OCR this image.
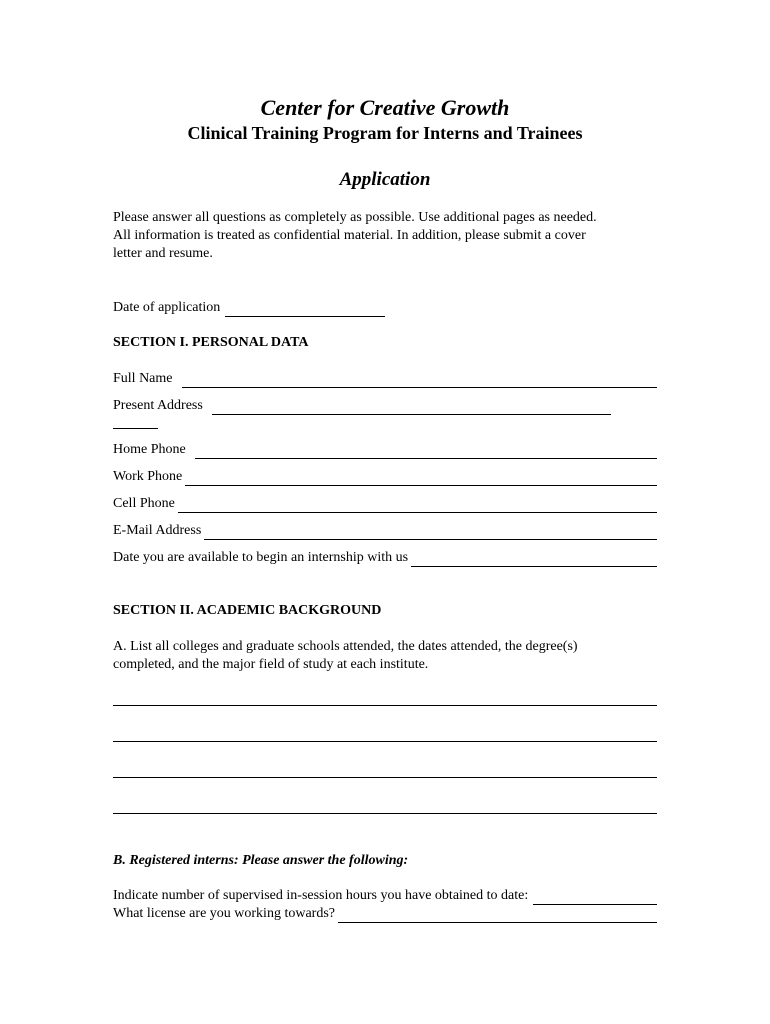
Center for Creative Growth
Clinical Training Program for Interns and Trainees
Application
Please answer all questions as completely as possible. Use additional pages as needed.
All information is treated as confidential material. In addition, please submit a cover
letter and resume.
Date of application
SECTION I. PERSONAL DATA
Full Name
Present Address
Home Phone
Work Phone
Cell Phone
E-Mail Address
Date you are available to begin an internship with us
SECTION II. ACADEMIC BACKGROUND
A. List all colleges and graduate schools attended, the dates attended, the degree(s)
completed, and the major field of study at each institute.
B. Registered interns: Please answer the following:
Indicate number of supervised in-session hours you have obtained to date:
What license are you working towards?
